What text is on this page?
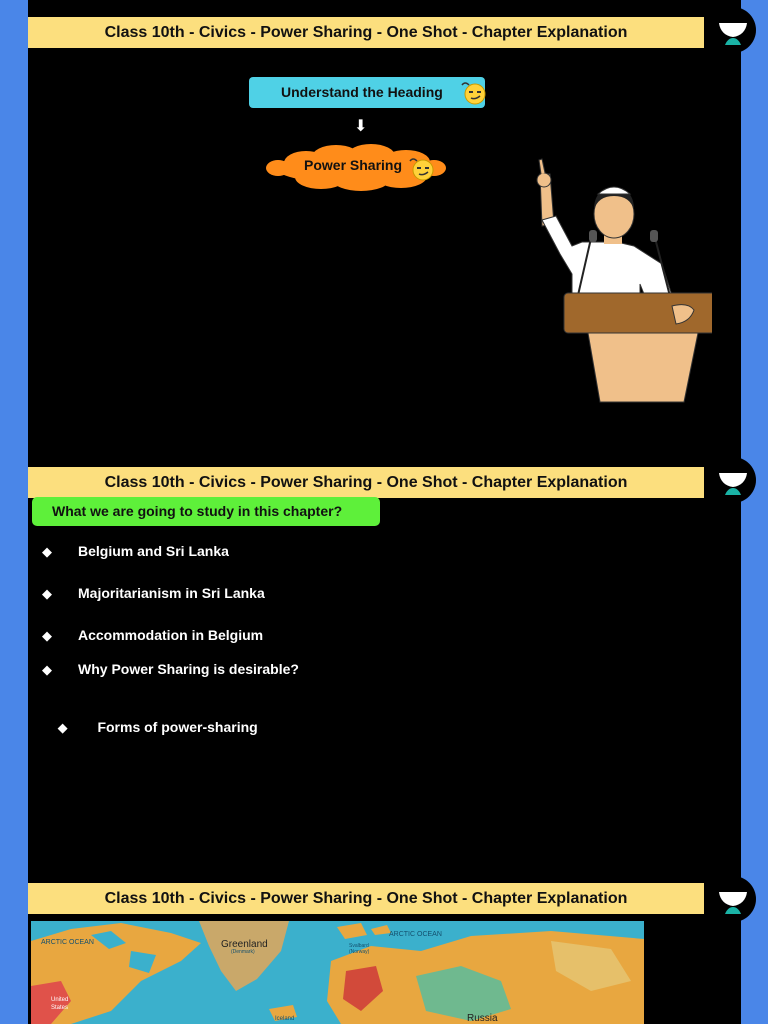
Class 10th - Civics - Power Sharing - One Shot - Chapter Explanation
Understand the Heading
⬇
Power Sharing
Class 10th - Civics - Power Sharing - One Shot - Chapter Explanation
What we are going to study in this chapter?
◆ Belgium and Sri Lanka
◆ Majoritarianism in Sri Lanka
◆ Accommodation in Belgium
◆ Why Power Sharing is desirable?

◆ Forms of power-sharing

Class 10th - Civics - Power Sharing - One Shot - Chapter Explanation
ARCTIC OCEAN	Greenland
(Denmark)
ARCTIC OCEAN
Svalbard
(Norway)
United
States
Iceland	Russia
